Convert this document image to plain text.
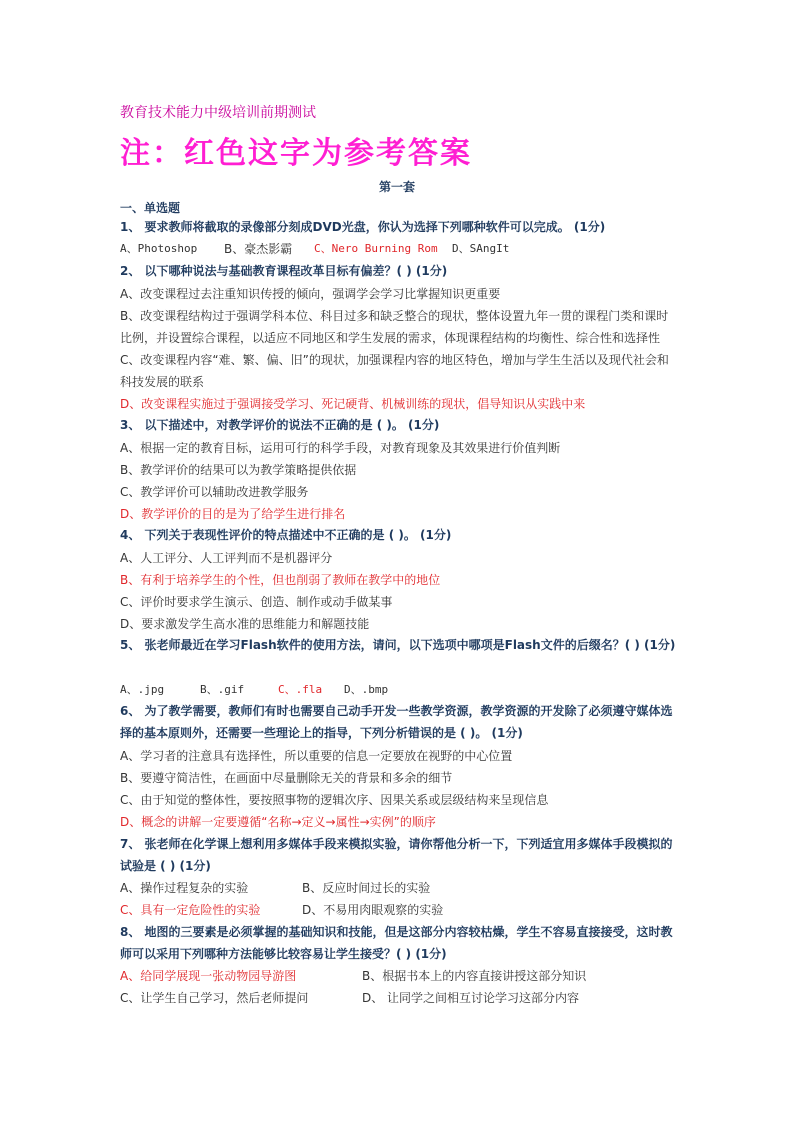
教育技术能力中级培训前期测试
注：红色这字为参考答案
第一套
一、单选题
1、 要求教师将截取的录像部分刻成DVD光盘，你认为选择下列哪种软件可以完成。 (1分)
A、Photoshop B、豪杰影霸 C、Nero Burning Rom D、SAngIt
2、 以下哪种说法与基础教育课程改革目标有偏差？( ) (1分)
A、改变课程过去注重知识传授的倾向，强调学会学习比掌握知识更重要
B、改变课程结构过于强调学科本位、科目过多和缺乏整合的现状，整体设置九年一贯的课程门类和课时比例，并设置综合课程，以适应不同地区和学生发展的需求，体现课程结构的均衡性、综合性和选择性
C、改变课程内容“难、繁、偏、旧”的现状，加强课程内容的地区特色，增加与学生生活以及现代社会和科技发展的联系
D、改变课程实施过于强调接受学习、死记硬背、机械训练的现状，倡导知识从实践中来
3、 以下描述中，对教学评价的说法不正确的是 ( )。 (1分)
A、根据一定的教育目标，运用可行的科学手段，对教育现象及其效果进行价值判断
B、教学评价的结果可以为教学策略提供依据
C、教学评价可以辅助改进教学服务
D、教学评价的目的是为了给学生进行排名
4、 下列关于表现性评价的特点描述中不正确的是 ( )。 (1分)
A、人工评分、人工评判而不是机器评分
B、有利于培养学生的个性，但也削弱了教师在教学中的地位
C、评价时要求学生演示、创造、制作或动手做某事
D、要求激发学生高水准的思维能力和解题技能
5、 张老师最近在学习Flash软件的使用方法，请问，以下选项中哪项是Flash文件的后缀名？( ) (1分)
A、.jpg	B、.gif	C、.fla D、.bmp
6、 为了教学需要，教师们有时也需要自己动手开发一些教学资源，教学资源的开发除了必须遵守媒体选择的基本原则外，还需要一些理论上的指导，下列分析错误的是 ( )。 (1分)
A、学习者的注意具有选择性，所以重要的信息一定要放在视野的中心位置
B、要遵守简洁性，在画面中尽量删除无关的背景和多余的细节
C、由于知觉的整体性，要按照事物的逻辑次序、因果关系或层级结构来呈现信息
D、概念的讲解一定要遵循“名称→定义→属性→实例”的顺序
7、 张老师在化学课上想利用多媒体手段来模拟实验，请你帮他分析一下，下列适宜用多媒体手段模拟的试验是 ( ) (1分)
A、操作过程复杂的实验	B、反应时间过长的实验
C、具有一定危险性的实验	D、不易用肉眼观察的实验
8、 地图的三要素是必须掌握的基础知识和技能，但是这部分内容较枯燥，学生不容易直接接受，这时教师可以采用下列哪种方法能够比较容易让学生接受？( ) (1分)
A、给同学展现一张动物园导游图	B、根据书本上的内容直接讲授这部分知识
C、让学生自己学习，然后老师提问	D、 让同学之间相互讨论学习这部分内容
